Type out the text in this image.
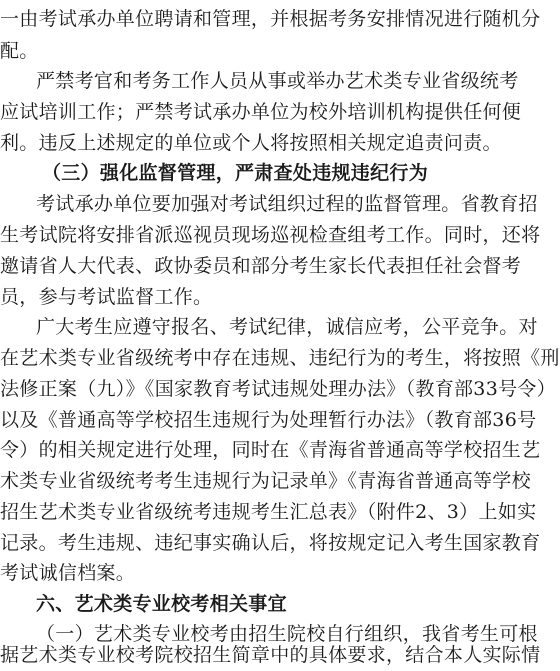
一由考试承办单位聘请和管理，并根据考务安排情况进行随机分
配。
严禁考官和考务工作人员从事或举办艺术类专业省级统考
应试培训工作；严禁考试承办单位为校外培训机构提供任何便
利。违反上述规定的单位或个人将按照相关规定追责问责。
（三）强化监督管理，严肃查处违规违纪行为
考试承办单位要加强对考试组织过程的监督管理。省教育招
生考试院将安排省派巡视员现场巡视检查组考工作。同时，还将
邀请省人大代表、政协委员和部分考生家长代表担任社会督考
员，参与考试监督工作。
广大考生应遵守报名、考试纪律，诚信应考，公平竞争。对
在艺术类专业省级统考中存在违规、违纪行为的考生，将按照《刑
法修正案（九）》《国家教育考试违规处理办法》（教育部33号令）
以及《普通高等学校招生违规行为处理暂行办法》（教育部36号
令）的相关规定进行处理，同时在《青海省普通高等学校招生艺
术类专业省级统考考生违规行为记录单》《青海省普通高等学校
招生艺术类专业省级统考违规考生汇总表》（附件2、3）上如实
记录。考生违规、违纪事实确认后，将按规定记入考生国家教育
考试诚信档案。
六、艺术类专业校考相关事宜
（一）艺术类专业校考由招生院校自行组织，我省考生可根
据艺术类专业校考院校招生简章中的具体要求，结合本人实际情
